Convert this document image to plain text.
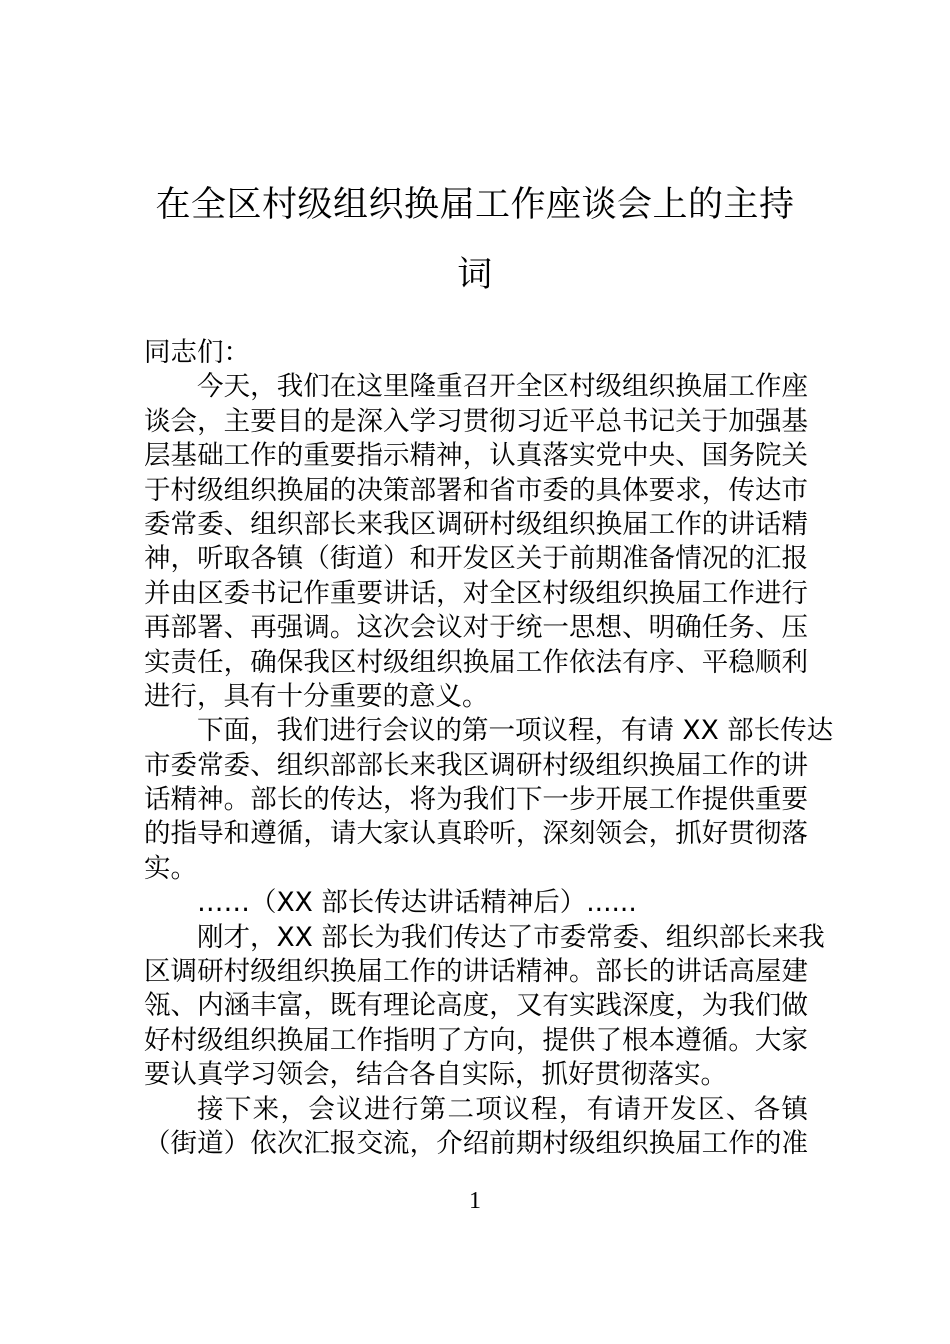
在全区村级组织换届工作座谈会上的主持
词
同志们：
今天，我们在这里隆重召开全区村级组织换届工作座
谈会，主要目的是深入学习贯彻习近平总书记关于加强基
层基础工作的重要指示精神，认真落实党中央、国务院关
于村级组织换届的决策部署和省市委的具体要求，传达市
委常委、组织部长来我区调研村级组织换届工作的讲话精
神，听取各镇（街道）和开发区关于前期准备情况的汇报
并由区委书记作重要讲话，对全区村级组织换届工作进行
再部署、再强调。这次会议对于统一思想、明确任务、压
实责任，确保我区村级组织换届工作依法有序、平稳顺利
进行，具有十分重要的意义。
下面，我们进行会议的第一项议程，有请 XX 部长传达
市委常委、组织部部长来我区调研村级组织换届工作的讲
话精神。部长的传达，将为我们下一步开展工作提供重要
的指导和遵循，请大家认真聆听，深刻领会，抓好贯彻落
实。
……（XX 部长传达讲话精神后）......
刚才，XX 部长为我们传达了市委常委、组织部长来我
区调研村级组织换届工作的讲话精神。部长的讲话高屋建
瓴、内涵丰富，既有理论高度，又有实践深度，为我们做
好村级组织换届工作指明了方向，提供了根本遵循。大家
要认真学习领会，结合各自实际，抓好贯彻落实。
接下来，会议进行第二项议程，有请开发区、各镇
（街道）依次汇报交流，介绍前期村级组织换届工作的准
1
